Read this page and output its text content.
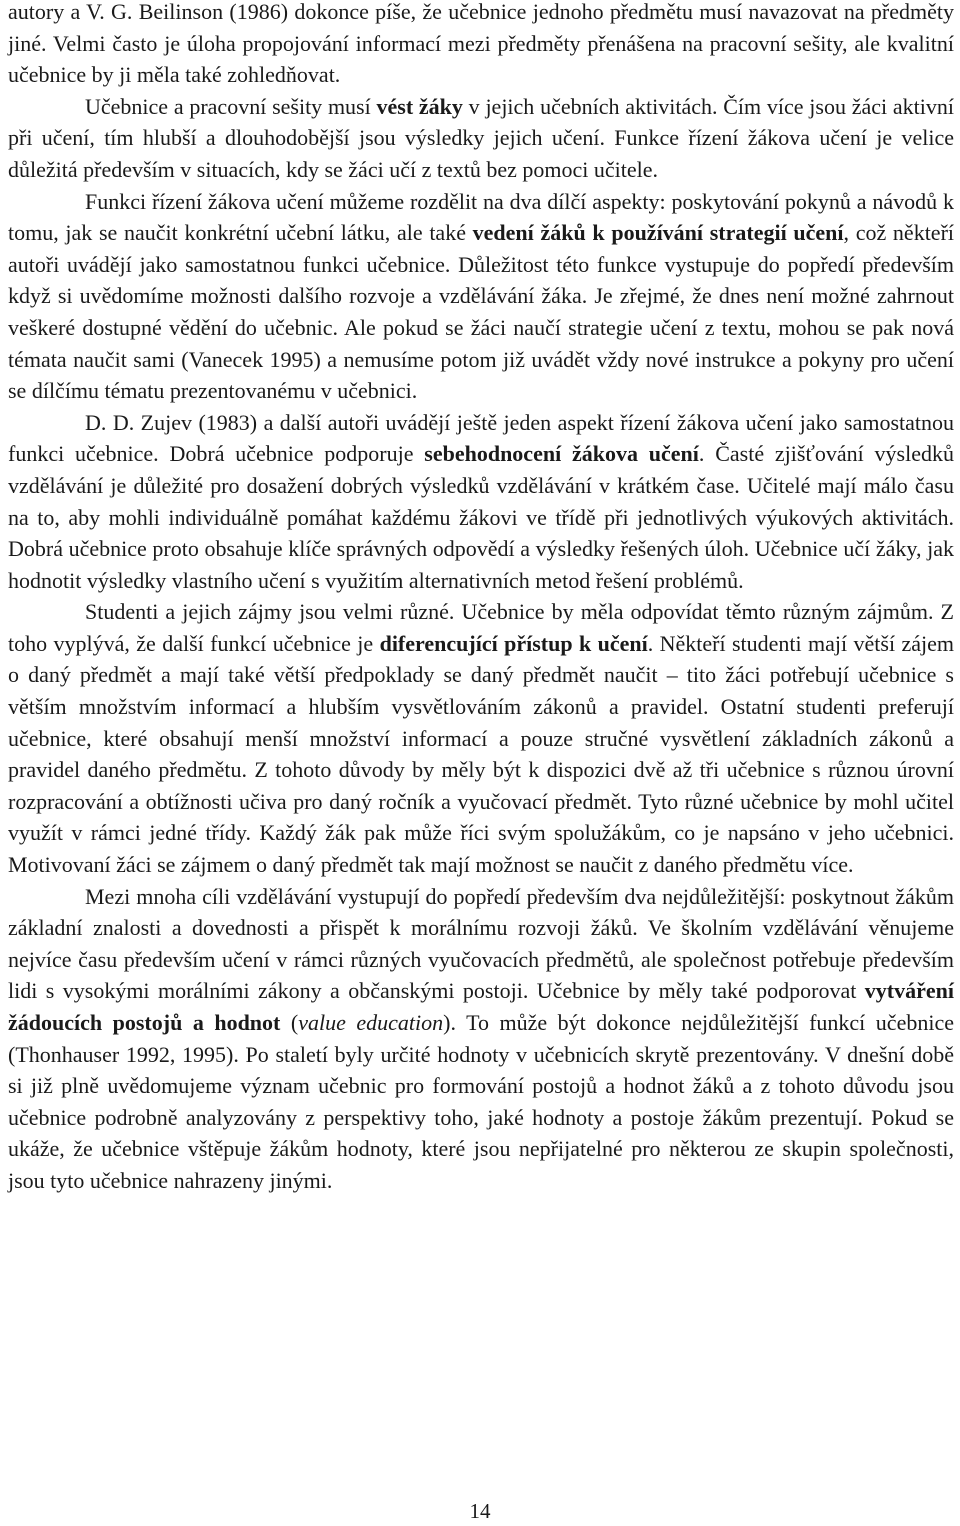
autory a V. G. Beilinson (1986) dokonce píše, že učebnice jednoho předmětu musí navazovat na předměty jiné. Velmi často je úloha propojování informací mezi předměty přenášena na pracovní sešity, ale kvalitní učebnice by ji měla také zohledňovat.

Učebnice a pracovní sešity musí vést žáky v jejich učebních aktivitách. Čím více jsou žáci aktivní při učení, tím hlubší a dlouhodobější jsou výsledky jejich učení. Funkce řízení žákova učení je velice důležitá především v situacích, kdy se žáci učí z textů bez pomoci učitele.

Funkci řízení žákova učení můžeme rozdělit na dva dílčí aspekty: poskytování pokynů a návodů k tomu, jak se naučit konkrétní učební látku, ale také vedení žáků k používání strategií učení, což někteří autoři uvádějí jako samostatnou funkci učebnice. Důležitost této funkce vystupuje do popředí především když si uvědomíme možnosti dalšího rozvoje a vzdělávání žáka. Je zřejmé, že dnes není možné zahrnout veškeré dostupné vědění do učebnic. Ale pokud se žáci naučí strategie učení z textu, mohou se pak nová témata naučit sami (Vanecek 1995) a nemusíme potom již uvádět vždy nové instrukce a pokyny pro učení se dílčímu tématu prezentovanému v učebnici.

D. D. Zujev (1983) a další autoři uvádějí ještě jeden aspekt řízení žákova učení jako samostatnou funkci učebnice. Dobrá učebnice podporuje sebehodnocení žákova učení. Časté zjišťování výsledků vzdělávání je důležité pro dosažení dobrých výsledků vzdělávání v krátkém čase. Učitelé mají málo času na to, aby mohli individuálně pomáhat každému žákovi ve třídě při jednotlivých výukových aktivitách. Dobrá učebnice proto obsahuje klíče správných odpovědí a výsledky řešených úloh. Učebnice učí žáky, jak hodnotit výsledky vlastního učení s využitím alternativních metod řešení problémů.

Studenti a jejich zájmy jsou velmi různé. Učebnice by měla odpovídat těmto různým zájmům. Z toho vyplývá, že další funkcí učebnice je diferencující přístup k učení. Někteří studenti mají větší zájem o daný předmět a mají také větší předpoklady se daný předmět naučit – tito žáci potřebují učebnice s větším množstvím informací a hlubším vysvětlováním zákonů a pravidel. Ostatní studenti preferují učebnice, které obsahují menší množství informací a pouze stručné vysvětlení základních zákonů a pravidel daného předmětu. Z tohoto důvody by měly být k dispozici dvě až tři učebnice s různou úrovní rozpracování a obtížnosti učiva pro daný ročník a vyučovací předmět. Tyto různé učebnice by mohl učitel využít v rámci jedné třídy. Každý žák pak může říci svým spolužákům, co je napsáno v jeho učebnici. Motivovaní žáci se zájmem o daný předmět tak mají možnost se naučit z daného předmětu více.

Mezi mnoha cíli vzdělávání vystupují do popředí především dva nejdůležitější: poskytnout žákům základní znalosti a dovednosti a přispět k morálnímu rozvoji žáků. Ve školním vzdělávání věnujeme nejvíce času především učení v rámci různých vyučovacích předmětů, ale společnost potřebuje především lidi s vysokými morálními zákony a občanskými postoji. Učebnice by měly také podporovat vytváření žádoucích postojů a hodnot (value education). To může být dokonce nejdůležitější funkcí učebnice (Thonhauser 1992, 1995). Po staletí byly určité hodnoty v učebnicích skrytě prezentovány. V dnešní době si již plně uvědomujeme význam učebnic pro formování postojů a hodnot žáků a z tohoto důvodu jsou učebnice podrobně analyzovány z perspektivy toho, jaké hodnoty a postoje žákům prezentují. Pokud se ukáže, že učebnice vštěpuje žákům hodnoty, které jsou nepřijatelné pro některou ze skupin společnosti, jsou tyto učebnice nahrazeny jinými.

14
